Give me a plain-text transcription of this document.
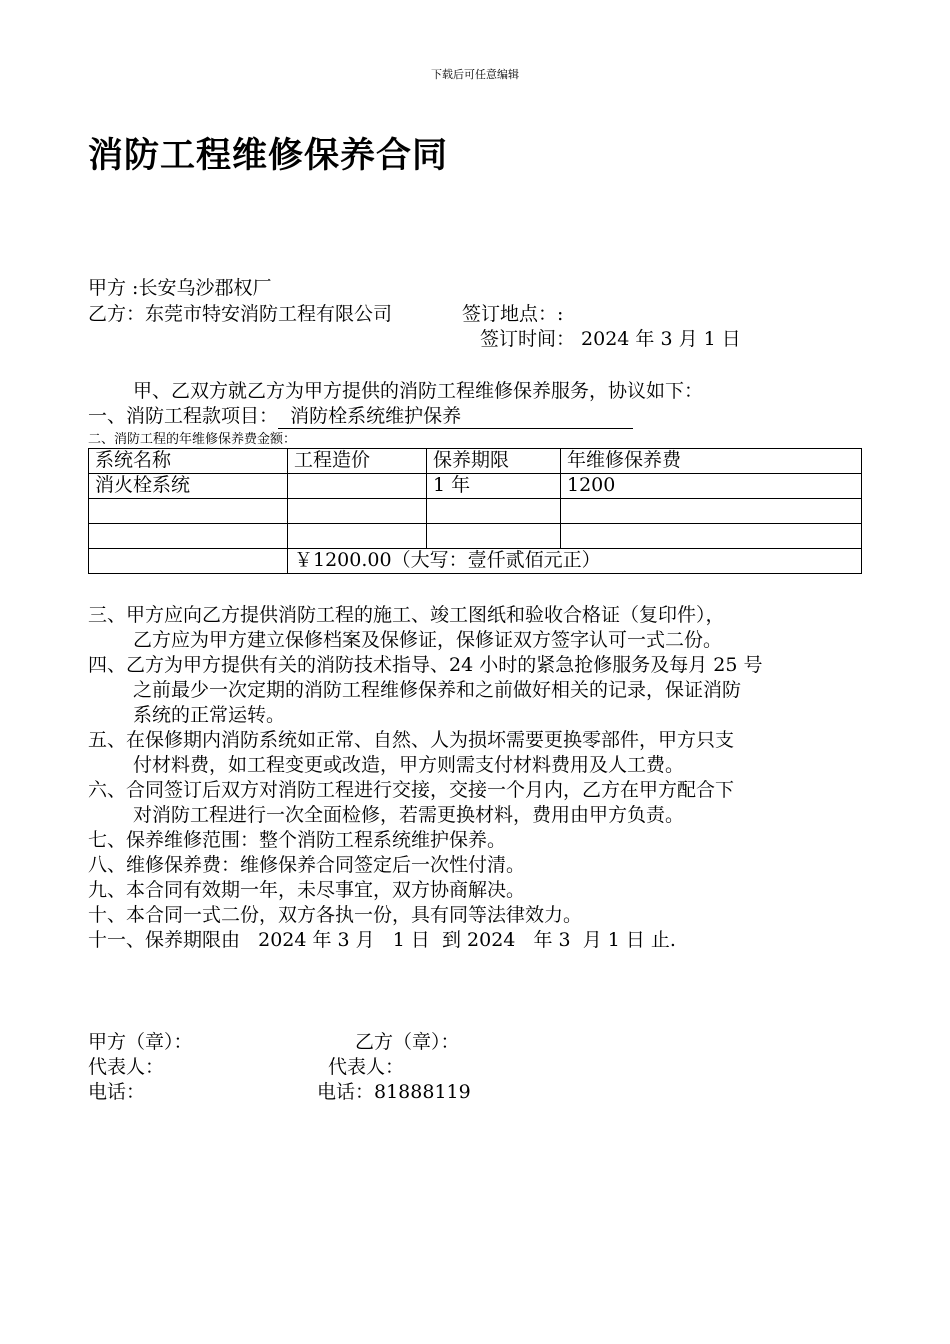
下载后可任意编辑
消防工程维修保养合同
甲方 :长安乌沙郡权厂
乙方：东莞市特安消防工程有限公司	签订地点：:
签订时间： 2024 年 3 月 1 日
甲、乙双方就乙方为甲方提供的消防工程维修保养服务，协议如下：
一、消防工程款项目： 消防栓系统维护保养
二、消防工程的年维修保养费金额：
系统名称	工程造价	保养期限	年维修保养费
消火栓系统		1 年	1200

	￥1200.00（大写：壹仟贰佰元正）		
三、甲方应向乙方提供消防工程的施工、竣工图纸和验收合格证（复印件），
乙方应为甲方建立保修档案及保修证，保修证双方签字认可一式二份。
四、乙方为甲方提供有关的消防技术指导、24 小时的紧急抢修服务及每月 25 号
之前最少一次定期的消防工程维修保养和之前做好相关的记录，保证消防
系统的正常运转。
五、在保修期内消防系统如正常、自然、人为损坏需要更换零部件，甲方只支
付材料费，如工程变更或改造，甲方则需支付材料费用及人工费。
六、合同签订后双方对消防工程进行交接，交接一个月内，乙方在甲方配合下
对消防工程进行一次全面检修，若需更换材料，费用由甲方负责。
七、保养维修范围：整个消防工程系统维护保养。
八、维修保养费：维修保养合同签定后一次性付清。
九、本合同有效期一年，未尽事宜，双方协商解决。
十、本合同一式二份，双方各执一份，具有同等法律效力。
十一、保养期限由   2024 年 3 月   1 日  到 2024   年 3  月 1 日 止.
甲方（章）：	乙方（章）：
代表人：	代表人：
电话：	电话：81888119
